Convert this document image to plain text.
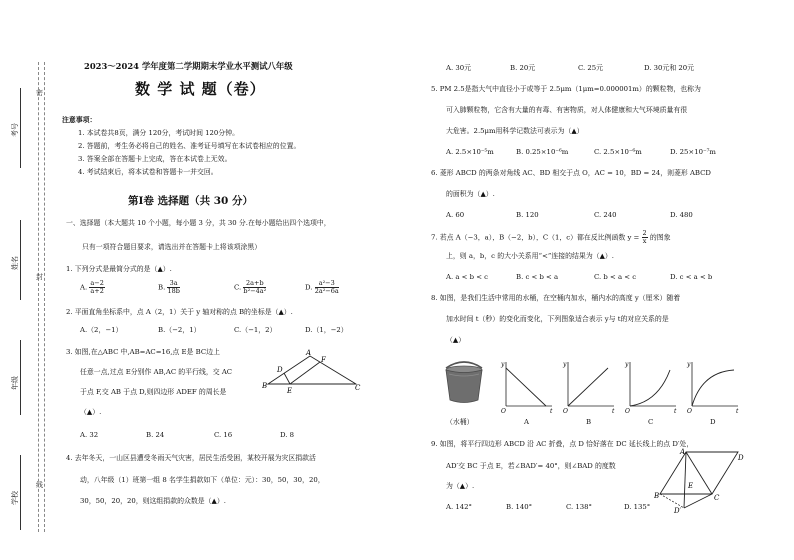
密
封
线
考号
姓名
年级
学校
2023～2024 学年度第二学期期末学业水平测试八年级
数 学 试 题（卷）
注意事项：
1. 本试卷共8页，满分 120分，考试时间 120分钟。
2. 答题前，考生务必将自己的姓名、准考证号填写在本试卷相应的位置。
3. 答案全部在答题卡上完成，答在本试卷上无效。
4. 考试结束后，将本试卷和答题卡一并交回。
第Ⅰ卷 选择题（共 30 分）
一、选择题（本大题共 10 个小题，每小题 3 分，共 30 分.在每小题给出四个选项中，
只有一项符合题目要求，请选出并在答题卡上将该项涂黑）
1. 下列分式是最简分式的是（▲）.
A. $\frac{a-2}{a+2}$	B. $\frac{3a}{18b}$	C. $\frac{2a+b}{\text{b²−4a²}}$	D. $\frac{\text{a²−3}}{\text{2a²−6a}}$
2. 平面直角坐标系中，点 A（2，1）关于 y 轴对称的点 B的坐标是（▲）.
A.（2，−1）	B.（−2，1）	C.（−1，2）	D.（1，−2）
3. 如图,在△ABC 中,AB=AC=16,点 E是 BC边上
任意一点,过点 E分别作 AB,AC 的平行线，交 AC
于点 F,交 AB 于点 D,则四边形 ADEF 的周长是
（▲）.
A
B	C
D
E
F
A. 32	B. 24	C. 16	D. 8
4. 去年冬天，一山区县遭受冬雨天气灾害，居民生活受困，某校开展为灾区捐款活
动，八年级（1）班第一组 8 名学生捐款如下（单位：元）：30，50，30，20，
30，50，20，20，则这组捐款的众数是（▲）.
A. 30元	B. 20元	C. 25元	D. 30元和 20元
5. PM 2.5是指大气中直径小于或等于 2.5μm（1μm=0.000001m）的颗粒物，也称为
可入肺颗粒物，它含有大量的有毒、有害物质，对人体健康和大气环境质量有很
大危害。2.5μm用科学记数法可表示为（▲）
A. 2.5×10⁻⁵m	B. 0.25×10⁻⁶m	C. 2.5×10⁻⁶m	D. 25×10⁻⁷m
6. 菱形 ABCD 的两条对角线 AC、BD 相交于点 O，AC = 10，BD = 24，则菱形 ABCD
的面积为（▲）.
A. 60	B. 120	C. 240	D. 480
7. 若点 A（−3，a），B（−2，b），C（1，c）都在反比例函数 $y = \frac{2}{x}$ 的图象
上，则 a，b，c 的大小关系用“<”连接的结果为（▲）.
A. a < b < c	B. c < b < a	C. b < a < c	D. c < a < b
8. 如图，是我们生活中常用的水桶，在空桶内加水，桶内水的高度 y（厘米）随着
加水时间 t（秒）的变化而变化，下列图象适合表示 y与 t的对应关系的是
（▲）
（水桶）
y
t
O
y
t
O
y
t
O
y
t
O
A	B	C	D
9. 如图，将平行四边形 ABCD 沿 AC 折叠，点 D 恰好落在 DC 延长线上的点 D′处，
AD′交 BC 于点 E，若∠BAD′= 40°，则∠BAD 的度数
为（▲）.
A. 142°	B. 140°	C. 138°	D. 135°
A
D
B	C
E
D′
